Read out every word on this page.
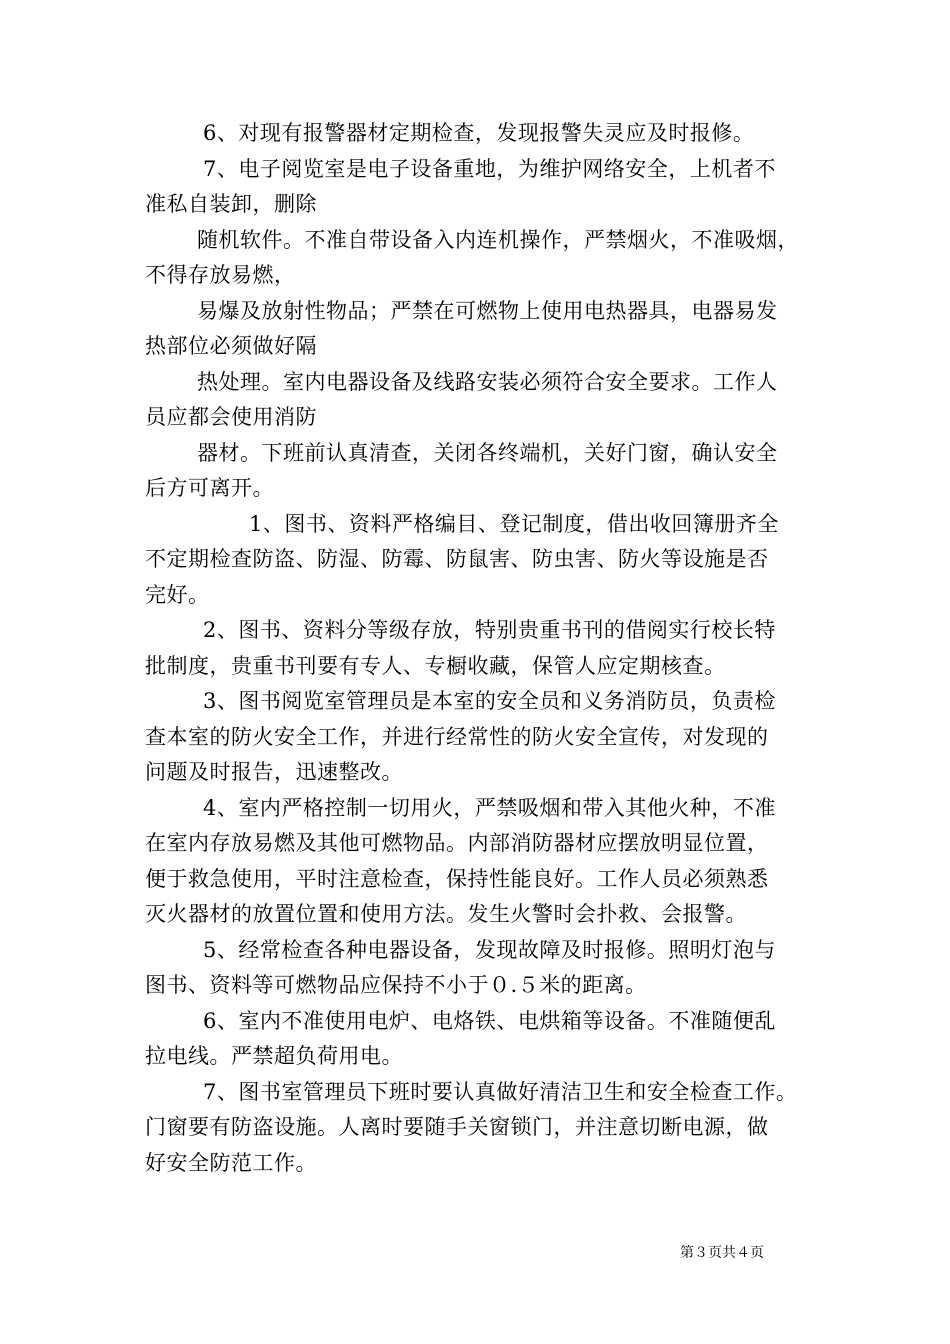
6、对现有报警器材定期检查，发现报警失灵应及时报修。
7、电子阅览室是电子设备重地，为维护网络安全，上机者不
准私自装卸，删除
随机软件。不准自带设备入内连机操作，严禁烟火，不准吸烟，
不得存放易燃，
易爆及放射性物品；严禁在可燃物上使用电热器具，电器易发
热部位必须做好隔
热处理。室内电器设备及线路安装必须符合安全要求。工作人
员应都会使用消防
器材。下班前认真清查，关闭各终端机，关好门窗，确认安全
后方可离开。
1、图书、资料严格编目、登记制度，借出收回簿册齐全
不定期检查防盗、防湿、防霉、防鼠害、防虫害、防火等设施是否
完好。
2、图书、资料分等级存放，特别贵重书刊的借阅实行校长特
批制度，贵重书刊要有专人、专橱收藏，保管人应定期核查。
3、图书阅览室管理员是本室的安全员和义务消防员，负责检
查本室的防火安全工作，并进行经常性的防火安全宣传，对发现的
问题及时报告，迅速整改。
4、室内严格控制一切用火，严禁吸烟和带入其他火种，不准
在室内存放易燃及其他可燃物品。内部消防器材应摆放明显位置，
便于救急使用，平时注意检查，保持性能良好。工作人员必须熟悉
灭火器材的放置位置和使用方法。发生火警时会扑救、会报警。
5、经常检查各种电器设备，发现故障及时报修。照明灯泡与
图书、资料等可燃物品应保持不小于０.５米的距离。
6、室内不准使用电炉、电烙铁、电烘箱等设备。不准随便乱
拉电线。严禁超负荷用电。
7、图书室管理员下班时要认真做好清洁卫生和安全检查工作。
门窗要有防盗设施。人离时要随手关窗锁门，并注意切断电源，做
好安全防范工作。
第３页共４页
